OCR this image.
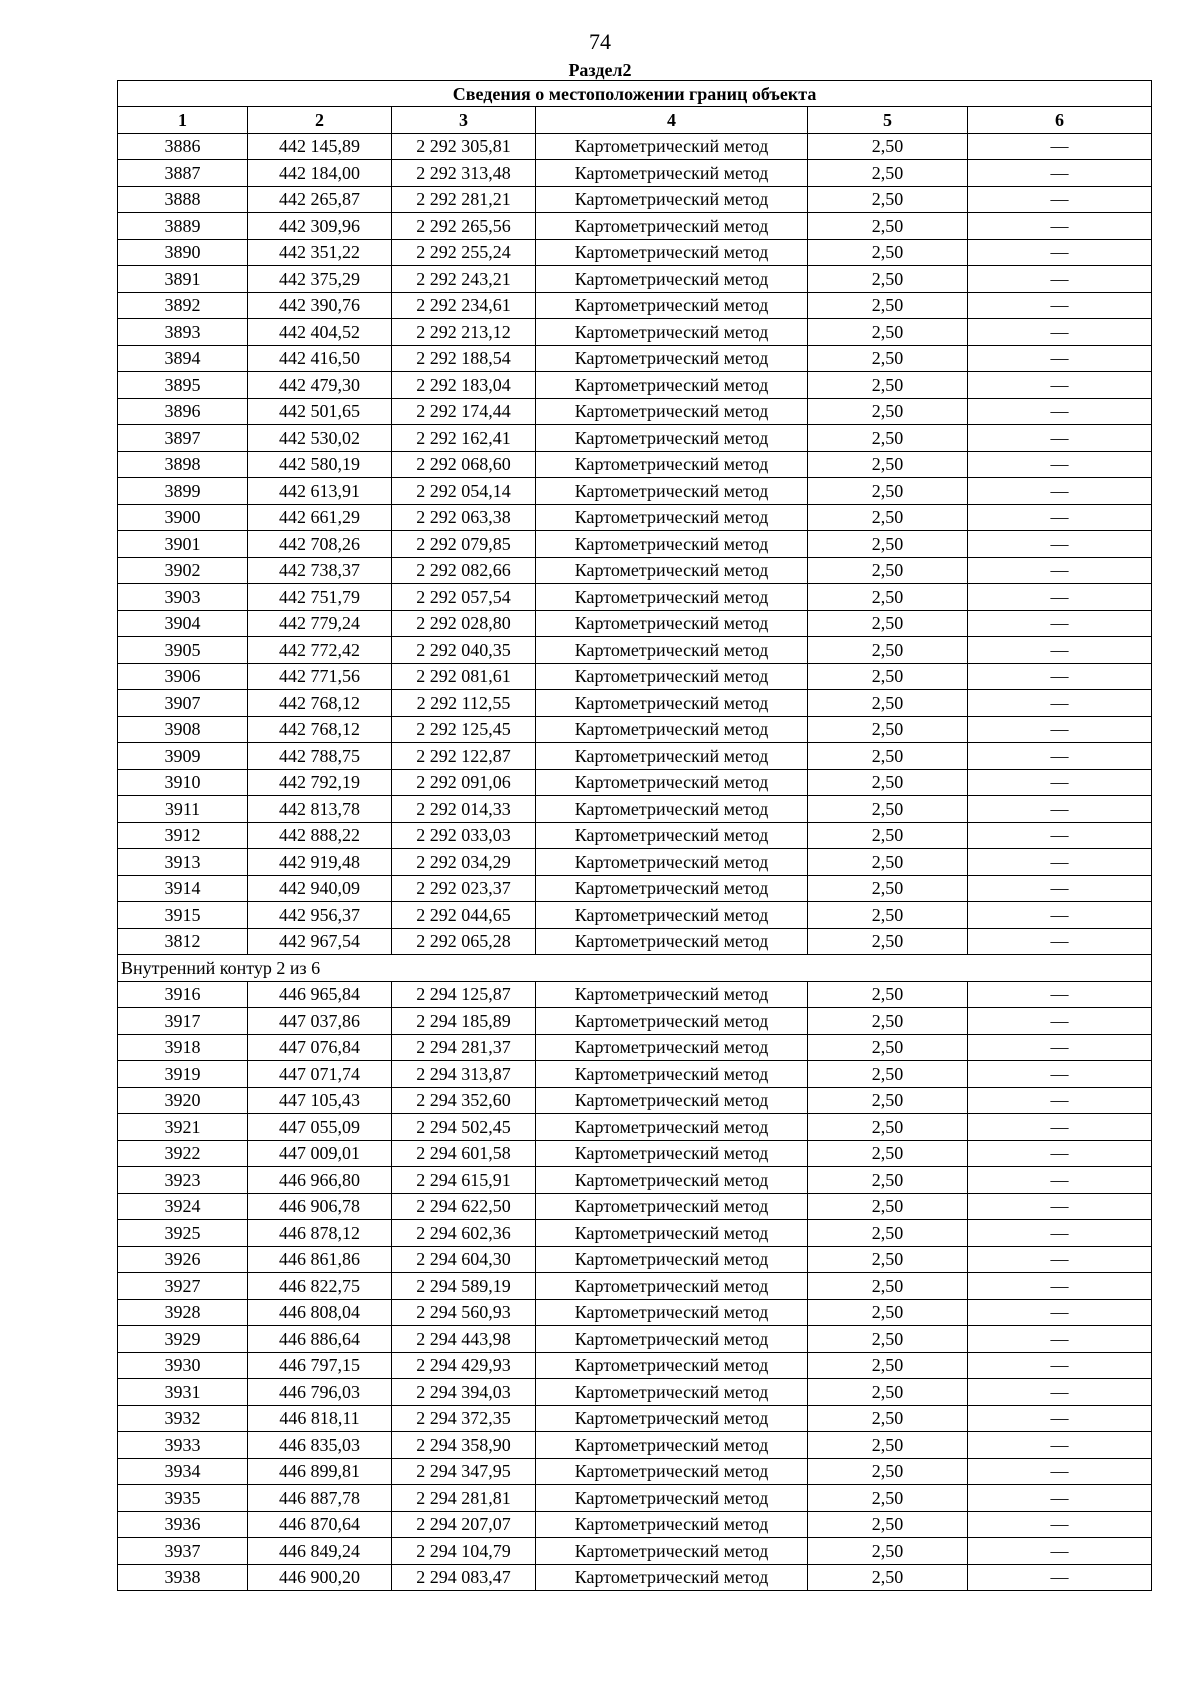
74
Раздел2
Сведения о местоположении границ объекта					
1	2	3	4	5	6
3886	442 145,89	2 292 305,81	Картометрический метод	2,50	—
3887	442 184,00	2 292 313,48	Картометрический метод	2,50	—
3888	442 265,87	2 292 281,21	Картометрический метод	2,50	—
3889	442 309,96	2 292 265,56	Картометрический метод	2,50	—
3890	442 351,22	2 292 255,24	Картометрический метод	2,50	—
3891	442 375,29	2 292 243,21	Картометрический метод	2,50	—
3892	442 390,76	2 292 234,61	Картометрический метод	2,50	—
3893	442 404,52	2 292 213,12	Картометрический метод	2,50	—
3894	442 416,50	2 292 188,54	Картометрический метод	2,50	—
3895	442 479,30	2 292 183,04	Картометрический метод	2,50	—
3896	442 501,65	2 292 174,44	Картометрический метод	2,50	—
3897	442 530,02	2 292 162,41	Картометрический метод	2,50	—
3898	442 580,19	2 292 068,60	Картометрический метод	2,50	—
3899	442 613,91	2 292 054,14	Картометрический метод	2,50	—
3900	442 661,29	2 292 063,38	Картометрический метод	2,50	—
3901	442 708,26	2 292 079,85	Картометрический метод	2,50	—
3902	442 738,37	2 292 082,66	Картометрический метод	2,50	—
3903	442 751,79	2 292 057,54	Картометрический метод	2,50	—
3904	442 779,24	2 292 028,80	Картометрический метод	2,50	—
3905	442 772,42	2 292 040,35	Картометрический метод	2,50	—
3906	442 771,56	2 292 081,61	Картометрический метод	2,50	—
3907	442 768,12	2 292 112,55	Картометрический метод	2,50	—
3908	442 768,12	2 292 125,45	Картометрический метод	2,50	—
3909	442 788,75	2 292 122,87	Картометрический метод	2,50	—
3910	442 792,19	2 292 091,06	Картометрический метод	2,50	—
3911	442 813,78	2 292 014,33	Картометрический метод	2,50	—
3912	442 888,22	2 292 033,03	Картометрический метод	2,50	—
3913	442 919,48	2 292 034,29	Картометрический метод	2,50	—
3914	442 940,09	2 292 023,37	Картометрический метод	2,50	—
3915	442 956,37	2 292 044,65	Картометрический метод	2,50	—
3812	442 967,54	2 292 065,28	Картометрический метод	2,50	—
Внутренний контур 2 из 6					
3916	446 965,84	2 294 125,87	Картометрический метод	2,50	—
3917	447 037,86	2 294 185,89	Картометрический метод	2,50	—
3918	447 076,84	2 294 281,37	Картометрический метод	2,50	—
3919	447 071,74	2 294 313,87	Картометрический метод	2,50	—
3920	447 105,43	2 294 352,60	Картометрический метод	2,50	—
3921	447 055,09	2 294 502,45	Картометрический метод	2,50	—
3922	447 009,01	2 294 601,58	Картометрический метод	2,50	—
3923	446 966,80	2 294 615,91	Картометрический метод	2,50	—
3924	446 906,78	2 294 622,50	Картометрический метод	2,50	—
3925	446 878,12	2 294 602,36	Картометрический метод	2,50	—
3926	446 861,86	2 294 604,30	Картометрический метод	2,50	—
3927	446 822,75	2 294 589,19	Картометрический метод	2,50	—
3928	446 808,04	2 294 560,93	Картометрический метод	2,50	—
3929	446 886,64	2 294 443,98	Картометрический метод	2,50	—
3930	446 797,15	2 294 429,93	Картометрический метод	2,50	—
3931	446 796,03	2 294 394,03	Картометрический метод	2,50	—
3932	446 818,11	2 294 372,35	Картометрический метод	2,50	—
3933	446 835,03	2 294 358,90	Картометрический метод	2,50	—
3934	446 899,81	2 294 347,95	Картометрический метод	2,50	—
3935	446 887,78	2 294 281,81	Картометрический метод	2,50	—
3936	446 870,64	2 294 207,07	Картометрический метод	2,50	—
3937	446 849,24	2 294 104,79	Картометрический метод	2,50	—
3938	446 900,20	2 294 083,47	Картометрический метод	2,50	—
